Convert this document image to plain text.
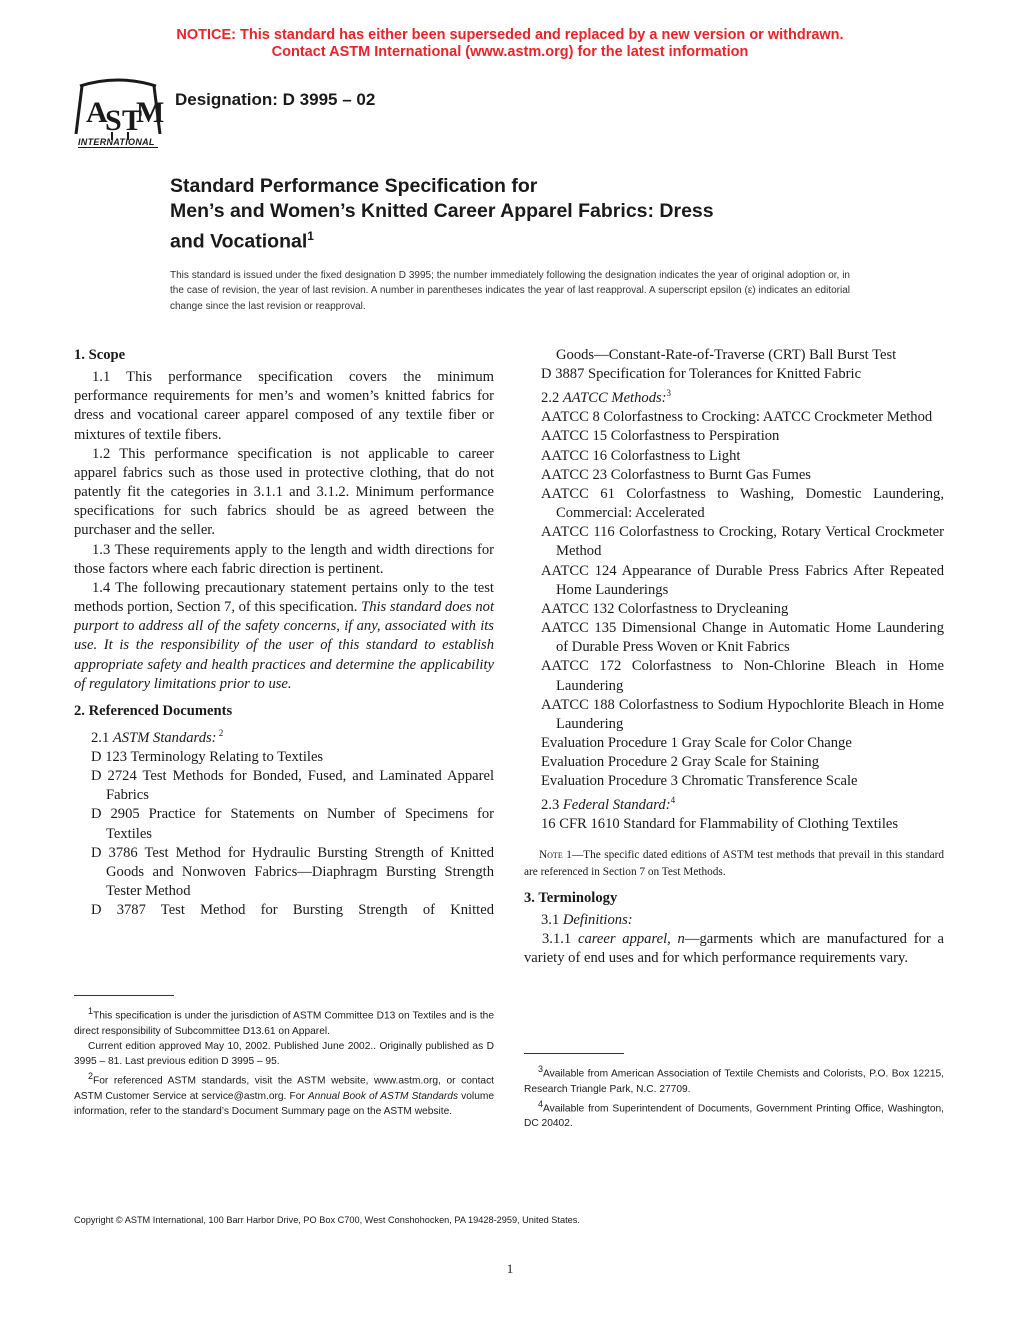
NOTICE: This standard has either been superseded and replaced by a new version or withdrawn.
Contact ASTM International (www.astm.org) for the latest information
A
S T
M
INTERNATIONAL
Designation: D 3995 – 02
Standard Performance Specification for
Men’s and Women’s Knitted Career Apparel Fabrics: Dress
and Vocational$^1$
This standard is issued under the fixed designation D 3995; the number immediately following the designation indicates the year of original adoption or, in the case of revision, the year of last revision. A number in parentheses indicates the year of last reapproval. A superscript epsilon (ε) indicates an editorial change since the last revision or reapproval.
1. Scope

1.1 This performance specification covers the minimum performance requirements for men’s and women’s knitted fabrics for dress and vocational career apparel composed of any textile fiber or mixtures of textile fibers.

1.2 This performance specification is not applicable to career apparel fabrics such as those used in protective clothing, that do not patently fit the categories in 3.1.1 and 3.1.2. Minimum performance specifications for such fabrics should be as agreed between the purchaser and the seller.

1.3 These requirements apply to the length and width directions for those factors where each fabric direction is pertinent.

1.4 The following precautionary statement pertains only to the test methods portion, Section 7, of this specification. This standard does not purport to address all of the safety concerns, if any, associated with its use. It is the responsibility of the user of this standard to establish appropriate safety and health practices and determine the applicability of regulatory limitations prior to use.

2. Referenced Documents
2.1 ASTM Standards: $^2$
D 123 Terminology Relating to Textiles
D 2724 Test Methods for Bonded, Fused, and Laminated Apparel Fabrics
D 2905 Practice for Statements on Number of Specimens for Textiles
D 3786 Test Method for Hydraulic Bursting Strength of Knitted Goods and Nonwoven Fabrics—Diaphragm Bursting Strength Tester Method
D 3787 Test Method for Bursting Strength of Knitted
Goods—Constant-Rate-of-Traverse (CRT) Ball Burst Test
D 3887 Specification for Tolerances for Knitted Fabric
2.2 AATCC Methods:$^3$
AATCC 8 Colorfastness to Crocking: AATCC Crockmeter Method
AATCC 15 Colorfastness to Perspiration
AATCC 16 Colorfastness to Light
AATCC 23 Colorfastness to Burnt Gas Fumes
AATCC 61 Colorfastness to Washing, Domestic Laundering, Commercial: Accelerated
AATCC 116 Colorfastness to Crocking, Rotary Vertical Crockmeter Method
AATCC 124 Appearance of Durable Press Fabrics After Repeated Home Launderings
AATCC 132 Colorfastness to Drycleaning
AATCC 135 Dimensional Change in Automatic Home Laundering of Durable Press Woven or Knit Fabrics
AATCC 172 Colorfastness to Non-Chlorine Bleach in Home Laundering
AATCC 188 Colorfastness to Sodium Hypochlorite Bleach in Home Laundering
Evaluation Procedure 1 Gray Scale for Color Change
Evaluation Procedure 2 Gray Scale for Staining
Evaluation Procedure 3 Chromatic Transference Scale
2.3 Federal Standard:$^4$
16 CFR 1610 Standard for Flammability of Clothing Textiles

Note 1—The specific dated editions of ASTM test methods that prevail in this standard are referenced in Section 7 on Test Methods.

3. Terminology
3.1 Definitions:

3.1.1 career apparel, n—garments which are manufactured for a variety of end uses and for which performance requirements vary.

$^1$This specification is under the jurisdiction of ASTM Committee D13 on Textiles and is the direct responsibility of Subcommittee D13.61 on Apparel.

Current edition approved May 10, 2002. Published June 2002.. Originally published as D 3995 – 81. Last previous edition D 3995 – 95.

$^2$For referenced ASTM standards, visit the ASTM website, www.astm.org, or contact ASTM Customer Service at service@astm.org. For Annual Book of ASTM Standards volume information, refer to the standard’s Document Summary page on the ASTM website.

$^3$Available from American Association of Textile Chemists and Colorists, P.O. Box 12215, Research Triangle Park, N.C. 27709.

$^4$Available from Superintendent of Documents, Government Printing Office, Washington, DC 20402.

Copyright © ASTM International, 100 Barr Harbor Drive, PO Box C700, West Conshohocken, PA 19428-2959, United States.
1
